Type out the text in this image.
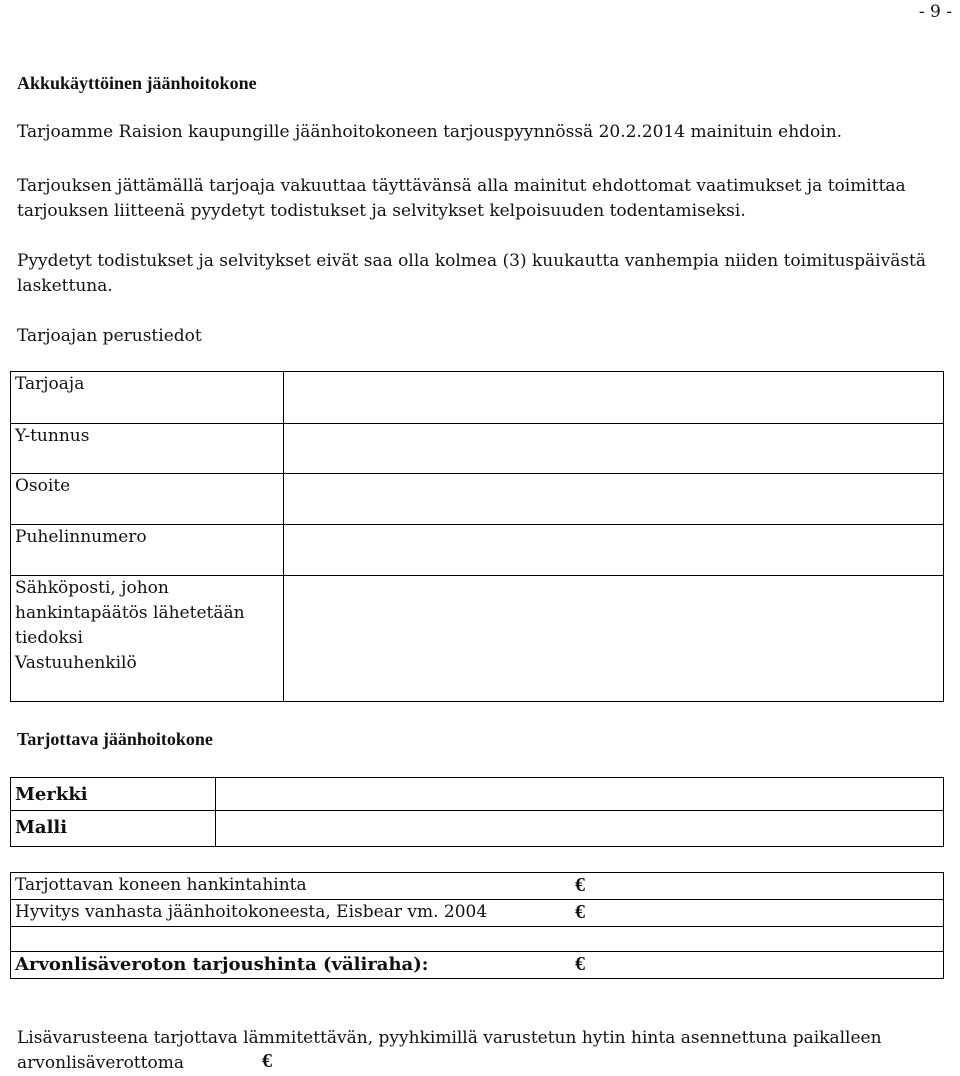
- 9 -
Akkukäyttöinen jäänhoitokone
Tarjoamme Raision kaupungille jäänhoitokoneen tarjouspyynnössä 20.2.2014 mainituin ehdoin.
Tarjouksen jättämällä tarjoaja vakuuttaa täyttävänsä alla mainitut ehdottomat vaatimukset ja toimittaa
tarjouksen liitteenä pyydetyt todistukset ja selvitykset kelpoisuuden todentamiseksi.
Pyydetyt todistukset ja selvitykset eivät saa olla kolmea (3) kuukautta vanhempia niiden toimituspäivästä
laskettuna.
Tarjoajan perustiedot
Tarjoaja	
Y-tunnus	
Osoite	
Puhelinnumero	

Sähköposti, johon
hankintapäätös lähetetään
tiedoksi
Vastuuhenkilö	

Tarjottava jäänhoitokone
Merkki	
Malli	
Tarjottavan koneen hankintahinta	€
Hyvitys vanhasta jäänhoitokoneesta, Eisbear vm. 2004	€

Arvonlisäveroton tarjoushinta (väliraha):	€
Lisävarusteena tarjottava lämmitettävän, pyyhkimillä varustetun hytin hinta asennettuna paikalleen
arvonlisäverottoma	€
